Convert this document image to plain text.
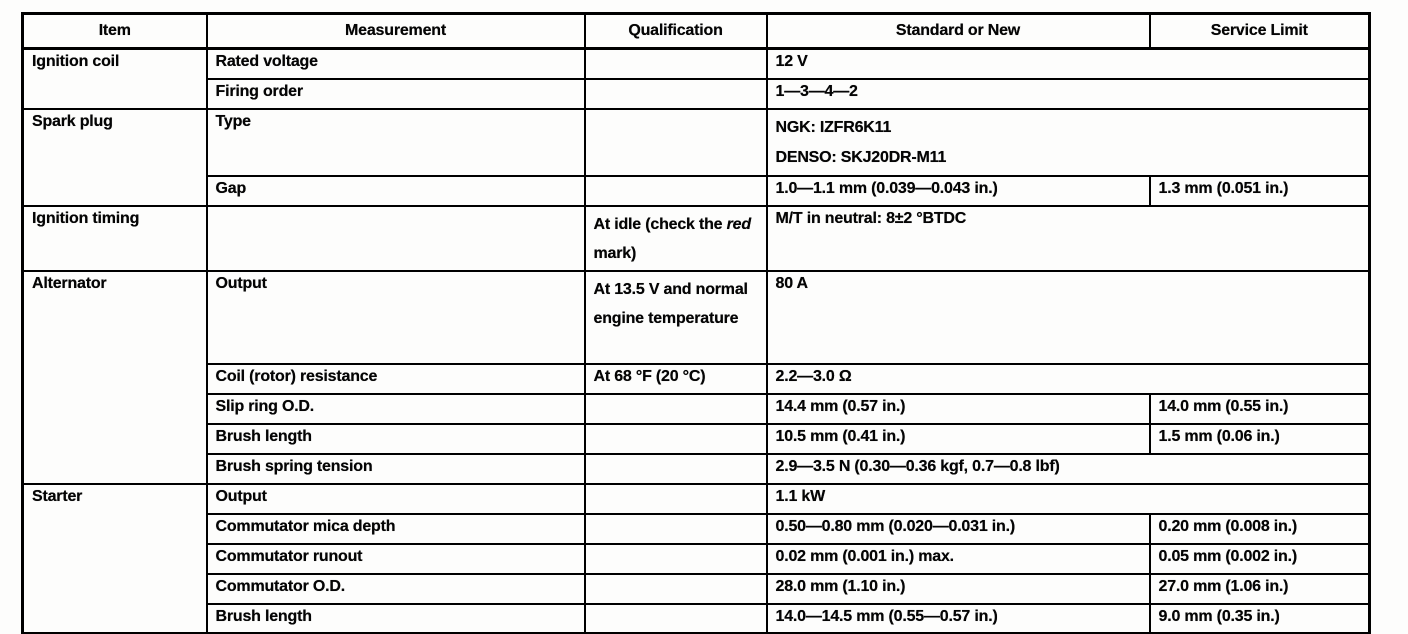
Item	Measurement	Qualification	Standard or New	Service Limit
Ignition coil	Rated voltage		12 V	
	Firing order		1—3—4—2	
Spark plug	Type		NGK: IZFR6K11
DENSO: SKJ20DR-M11	

	Gap		1.0—1.1 mm (0.039—0.043 in.)	1.3 mm (0.051 in.)
Ignition timing		At idle (check the red mark)	M/T in neutral: 8±2 °BTDC	
Alternator	Output	At 13.5 V and normal engine temperature	80 A	
	Coil (rotor) resistance	At 68 °F (20 °C)	2.2—3.0 Ω	
	Slip ring O.D.		14.4 mm (0.57 in.)	14.0 mm (0.55 in.)
	Brush length		10.5 mm (0.41 in.)	1.5 mm (0.06 in.)
	Brush spring tension		2.9—3.5 N (0.30—0.36 kgf, 0.7—0.8 lbf)	
Starter	Output		1.1 kW	
	Commutator mica depth		0.50—0.80 mm (0.020—0.031 in.)	0.20 mm (0.008 in.)
	Commutator runout		0.02 mm (0.001 in.) max.	0.05 mm (0.002 in.)
	Commutator O.D.		28.0 mm (1.10 in.)	27.0 mm (1.06 in.)
	Brush length		14.0—14.5 mm (0.55—0.57 in.)	9.0 mm (0.35 in.)
